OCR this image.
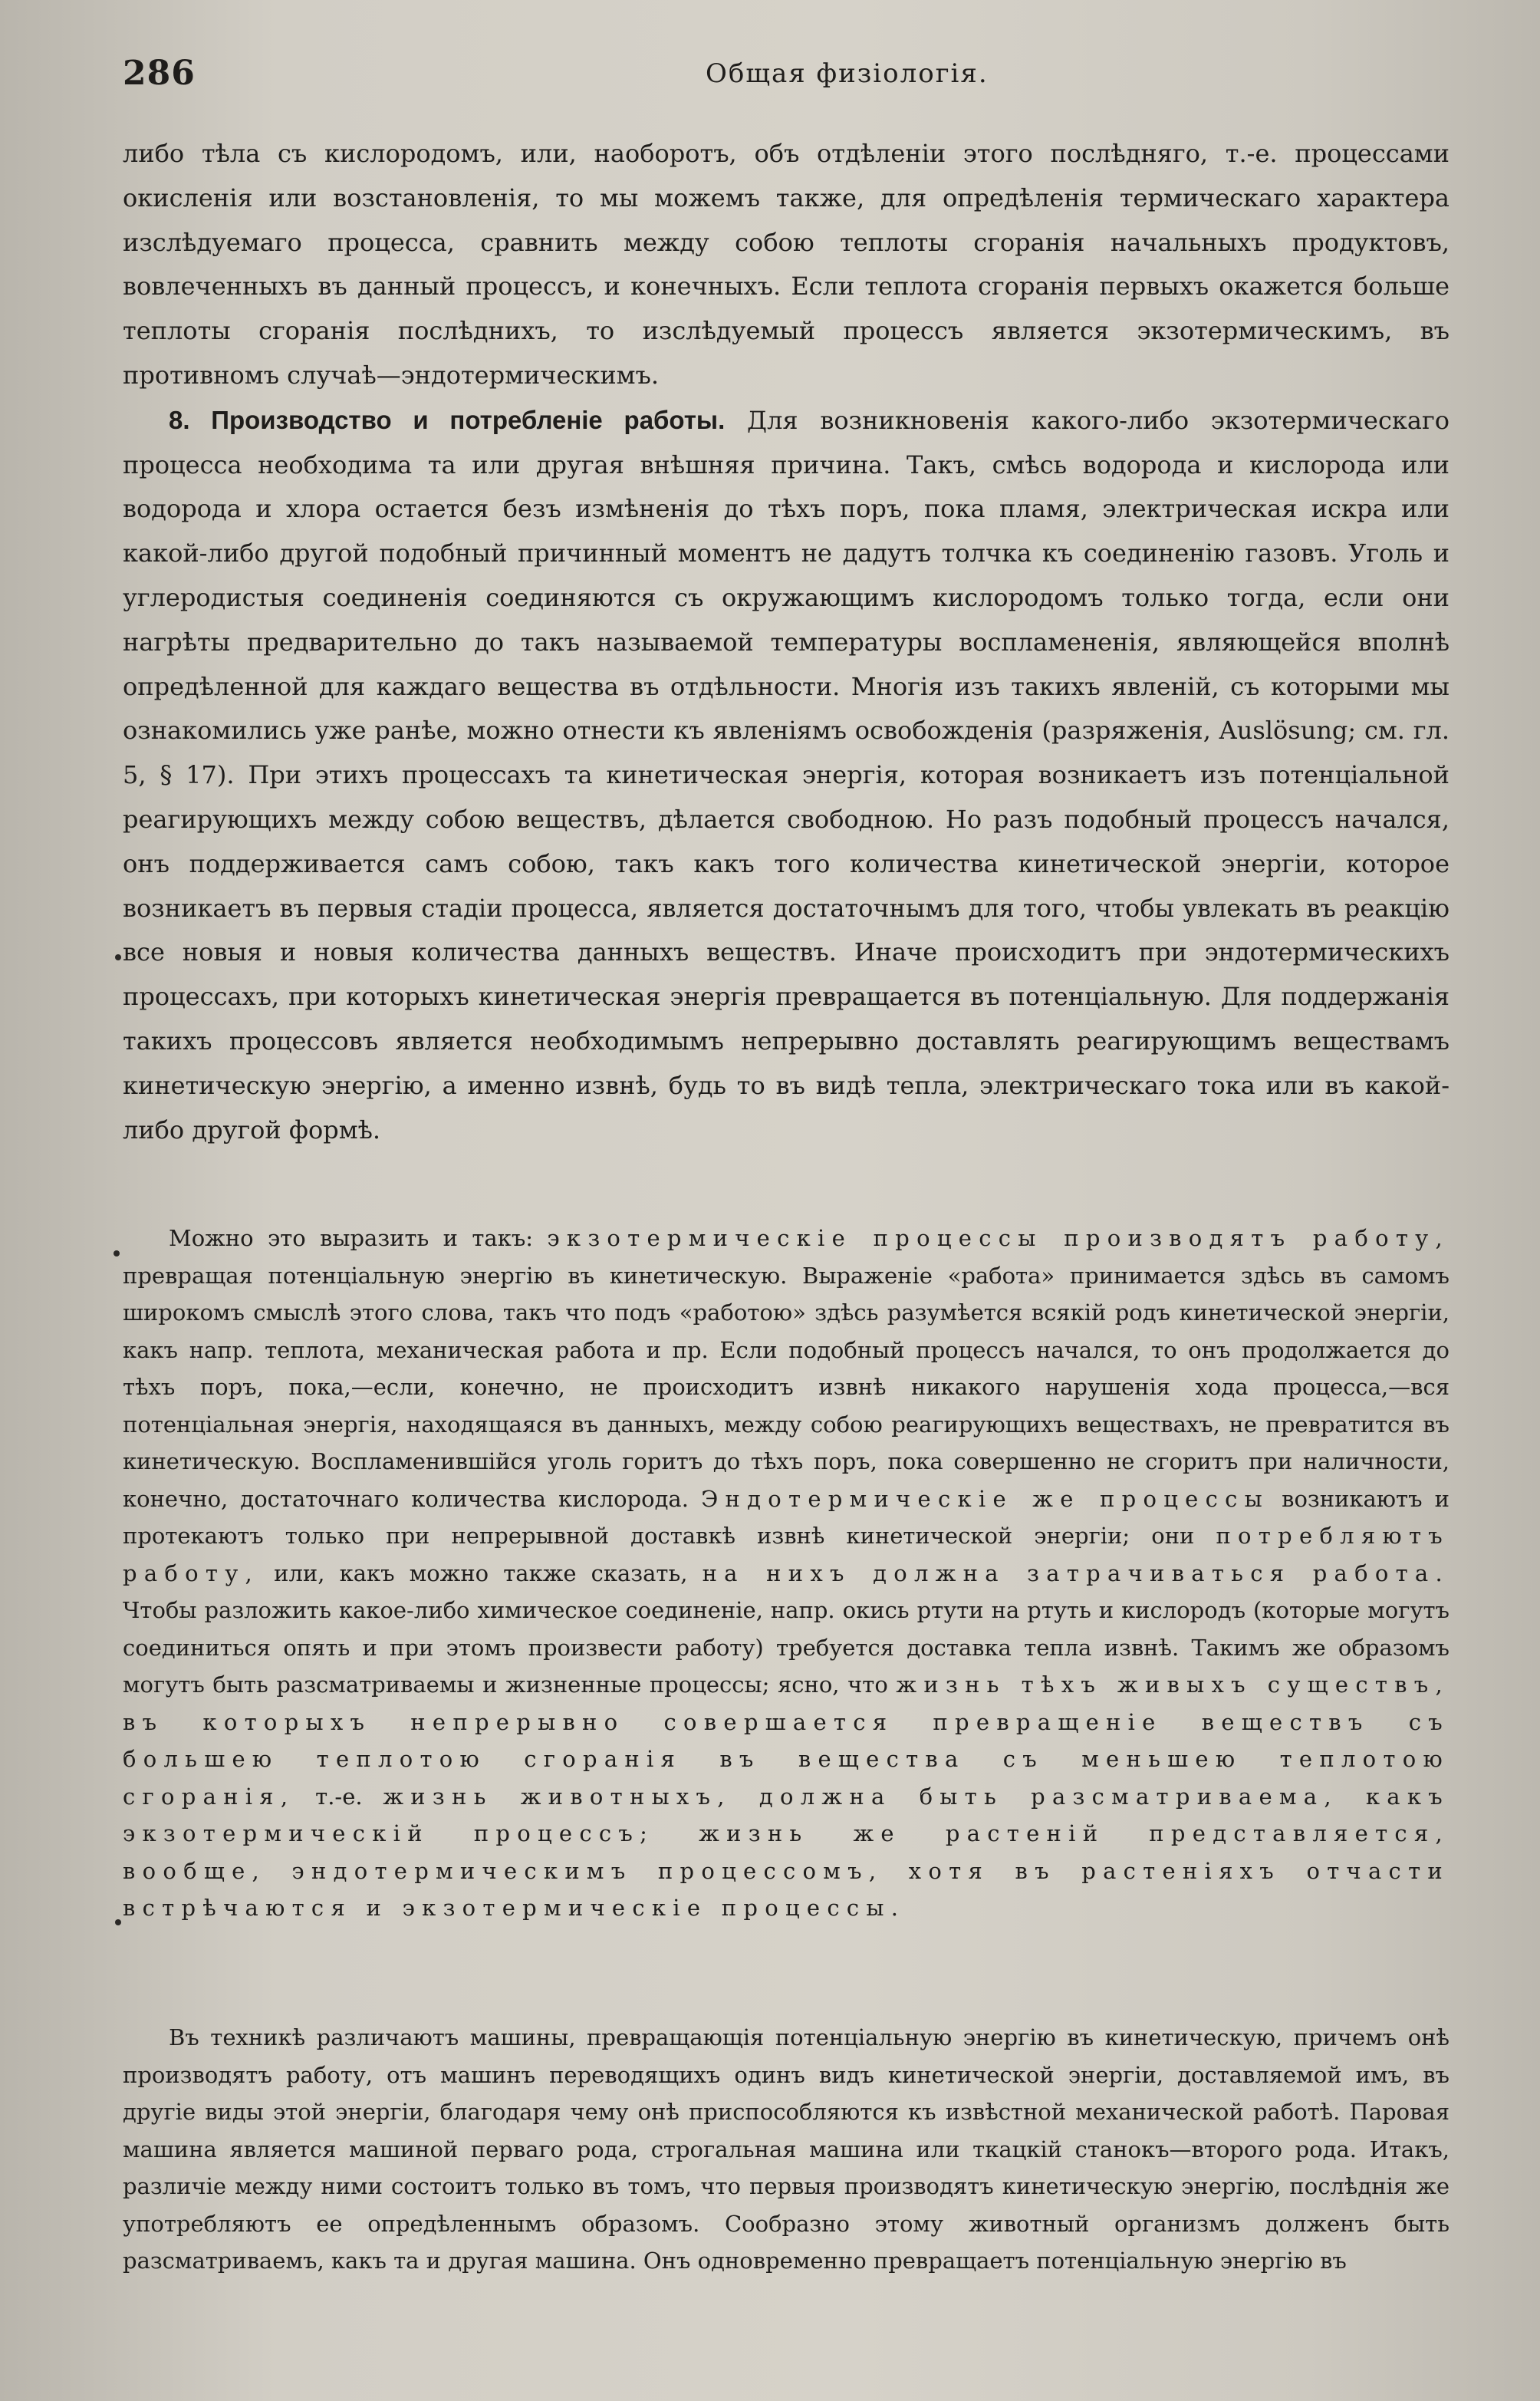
286	Общая физiологiя.

либо тѣла съ кислородомъ, или, наоборотъ, объ отдѣленiи этого послѣдняго, т.-е. процессами окисленiя или возстановленiя, то мы можемъ также, для опредѣленiя термическаго характера изслѣдуемаго процесса, сравнить между собою теплоты сгоранiя начальныхъ продуктовъ, вовлеченныхъ въ данный процессъ, и конечныхъ. Если теплота сгоранiя первыхъ окажется больше теплоты сгоранiя послѣднихъ, то изслѣдуемый процессъ является экзотермическимъ, въ противномъ случаѣ—эндотермическимъ.

8. Производство и потребленiе работы. Для возникновенiя какого-либо экзотермическаго процесса необходима та или другая внѣшняя причина. Такъ, смѣсь водорода и кислорода или водорода и хлора остается безъ измѣненiя до тѣхъ поръ, пока пламя, электрическая искра или какой-либо другой подобный причинный моментъ не дадутъ толчка къ соединенiю газовъ. Уголь и углеродистыя соединенiя соединяются съ окружающимъ кислородомъ только тогда, если они нагрѣты предварительно до такъ называемой температуры воспламененiя, являющейся вполнѣ опредѣленной для каждаго вещества въ отдѣльности. Многiя изъ такихъ явленiй, съ которыми мы ознакомились уже ранѣе, можно отнести къ явленiямъ освобожденiя (разряженiя, Auslösung; см. гл. 5, § 17). При этихъ процессахъ та кинетическая энергiя, которая возникаетъ изъ потенцiальной реагирующихъ между собою веществъ, дѣлается свободною. Но разъ подобный процессъ начался, онъ поддерживается самъ собою, такъ какъ того количества кинетической энергiи, которое возникаетъ въ первыя стадiи процесса, является достаточнымъ для того, чтобы увлекать въ реакцiю все новыя и новыя количества данныхъ веществъ. Иначе происходитъ при эндотермическихъ процессахъ, при которыхъ кинетическая энергiя превращается въ потенцiальную. Для поддержанiя такихъ процессовъ является необходимымъ непрерывно доставлять реагирующимъ веществамъ кинетическую энергiю, а именно извнѣ, будь то въ видѣ тепла, электрическаго тока или въ какой-либо другой формѣ.

Можно это выразить и такъ: экзотермическiе процессы производятъ работу, превращая потенцiальную энергiю въ кинетическую. Выраженiе «работа» принимается здѣсь въ самомъ широкомъ смыслѣ этого слова, такъ что подъ «работою» здѣсь разумѣется всякiй родъ кинетической энергiи, какъ напр. теплота, механическая работа и пр. Если подобный процессъ начался, то онъ продолжается до тѣхъ поръ, пока,—если, конечно, не происходитъ извнѣ никакого нарушенiя хода процесса,—вся потенцiальная энергiя, находящаяся въ данныхъ, между собою реагирующихъ веществахъ, не превратится въ кинетическую. Воспламенившiйся уголь горитъ до тѣхъ поръ, пока совершенно не сгоритъ при наличности, конечно, достаточнаго количества кислорода. Эндотермическiе же процессы возникаютъ и протекаютъ только при непрерывной доставкѣ извнѣ кинетической энергiи; они потребляютъ работу, или, какъ можно также сказать, на нихъ должна затрачиваться работа. Чтобы разложить какое-либо химическое соединенiе, напр. окись ртути на ртуть и кислородъ (которые могутъ соединиться опять и при этомъ произвести работу) требуется доставка тепла извнѣ. Такимъ же образомъ могутъ быть разсматриваемы и жизненные процессы; ясно, что жизнь тѣхъ живыхъ существъ, въ которыхъ непрерывно совершается превращенiе веществъ съ большею теплотою сгоранiя въ вещества съ меньшею теплотою сгоранiя, т.-е. жизнь животныхъ, должна быть разсматриваема, какъ экзотермическiй процессъ; жизнь же растенiй представляется, вообще, эндотермическимъ процессомъ, хотя въ растенiяхъ отчасти встрѣчаются и экзотермическiе процессы.

Въ техникѣ различаютъ машины, превращающiя потенцiальную энергiю въ кинетическую, причемъ онѣ производятъ работу, отъ машинъ переводящихъ одинъ видъ кинетической энергiи, доставляемой имъ, въ другiе виды этой энергiи, благодаря чему онѣ приспособляются къ извѣстной механической работѣ. Паровая машина является машиной перваго рода, строгальная машина или ткацкiй станокъ—второго рода. Итакъ, различiе между ними состоитъ только въ томъ, что первыя производятъ кинетическую энергiю, послѣднiя же употребляютъ ее опредѣленнымъ образомъ. Сообразно этому животный организмъ долженъ быть разсматриваемъ, какъ та и другая машина. Онъ одновременно превращаетъ потенцiальную энергiю въ
